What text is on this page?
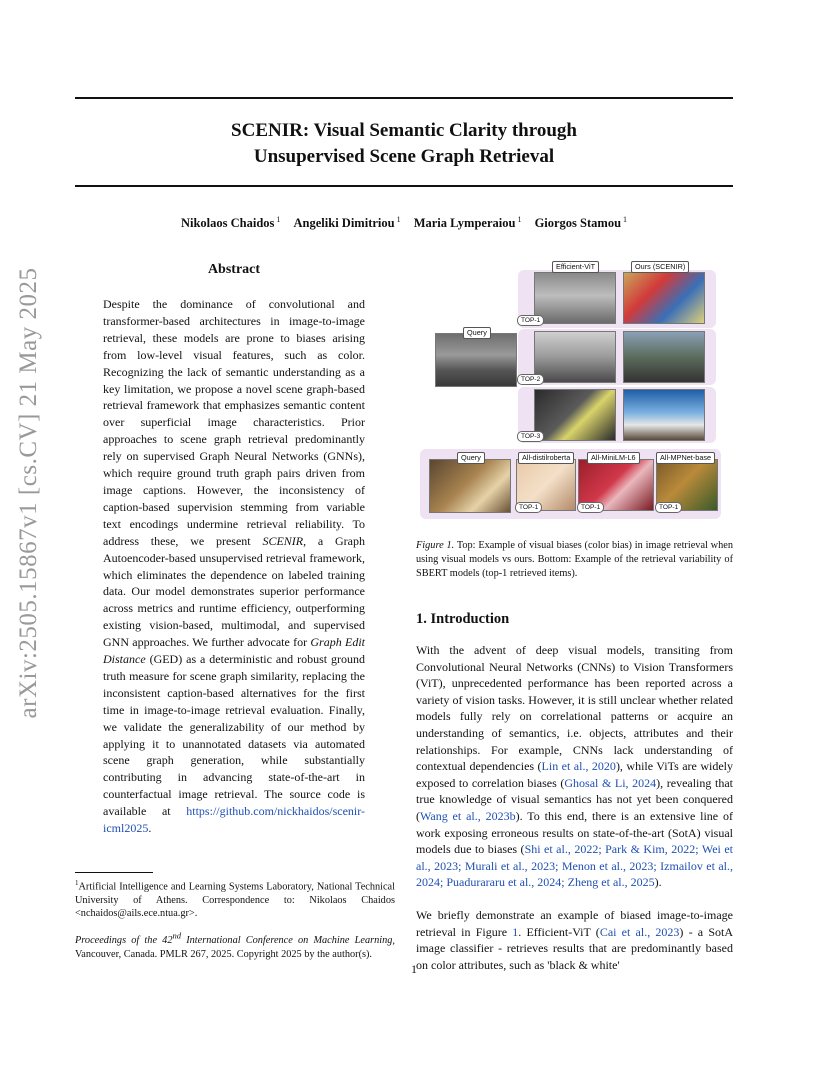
SCENIR: Visual Semantic Clarity through
Unsupervised Scene Graph Retrieval
Nikolaos Chaidos $^1$ Angeliki Dimitriou $^1$ Maria Lymperaiou $^1$ Giorgos Stamou $^1$
arXiv:2505.15867v1 [cs.CV] 21 May 2025	Abstract

Despite the dominance of convolutional and transformer-based architectures in image-to-image retrieval, these models are prone to biases arising from low-level visual features, such as color. Recognizing the lack of semantic understanding as a key limitation, we propose a novel scene graph-based retrieval framework that emphasizes semantic content over superficial image characteristics. Prior approaches to scene graph retrieval predominantly rely on supervised Graph Neural Networks (GNNs), which require ground truth graph pairs driven from image captions. However, the inconsistency of caption-based supervision stemming from variable text encodings undermine retrieval reliability. To address these, we present SCENIR, a Graph Autoencoder-based unsupervised retrieval framework, which eliminates the dependence on labeled training data. Our model demonstrates superior performance across metrics and runtime efficiency, outperforming existing vision-based, multimodal, and supervised GNN approaches. We further advocate for Graph Edit Distance (GED) as a deterministic and robust ground truth measure for scene graph similarity, replacing the inconsistent caption-based alternatives for the first time in image-to-image retrieval evaluation. Finally, we validate the generalizability of our method by applying it to unannotated datasets via automated scene graph generation, while substantially contributing in advancing state-of-the-art in counterfactual image retrieval. The source code is available at https://github.com/nickhaidos/scenir-icml2025.

$^1$Artificial Intelligence and Learning Systems Laboratory, National Technical University of Athens. Correspondence to: Nikolaos Chaidos <nchaidos@ails.ece.ntua.gr>.

Proceedings of the 42nd International Conference on Machine Learning, Vancouver, Canada. PMLR 267, 2025. Copyright 2025 by the author(s).

1
Query
Efficient-ViT	Ours (SCENIR)
TOP-1
TOP-2
TOP-3
Query	All-distilroberta	All-MiniLM-L6	All-MPNet-base
TOP-1	TOP-1	TOP-1

Figure 1. Top: Example of visual biases (color bias) in image retrieval when using visual models vs ours. Bottom: Example of the retrieval variability of SBERT models (top-1 retrieved items).

1. Introduction

With the advent of deep visual models, transiting from Convolutional Neural Networks (CNNs) to Vision Transformers (ViT), unprecedented performance has been reported across a variety of vision tasks. However, it is still unclear whether related models fully rely on correlational patterns or acquire an understanding of semantics, i.e. objects, attributes and their relationships. For example, CNNs lack understanding of contextual dependencies (Lin et al., 2020), while ViTs are widely exposed to correlation biases (Ghosal & Li, 2024), revealing that true knowledge of visual semantics has not yet been conquered (Wang et al., 2023b). To this end, there is an extensive line of work exposing erroneous results on state-of-the-art (SotA) visual models due to biases (Shi et al., 2022; Park & Kim, 2022; Wei et al., 2023; Murali et al., 2023; Menon et al., 2023; Izmailov et al., 2024; Puadurararu et al., 2024; Zheng et al., 2025).

We briefly demonstrate an example of biased image-to-image retrieval in Figure 1. Efficient-ViT (Cai et al., 2023) - a SotA image classifier - retrieves results that are predominantly based on color attributes, such as 'black & white'
